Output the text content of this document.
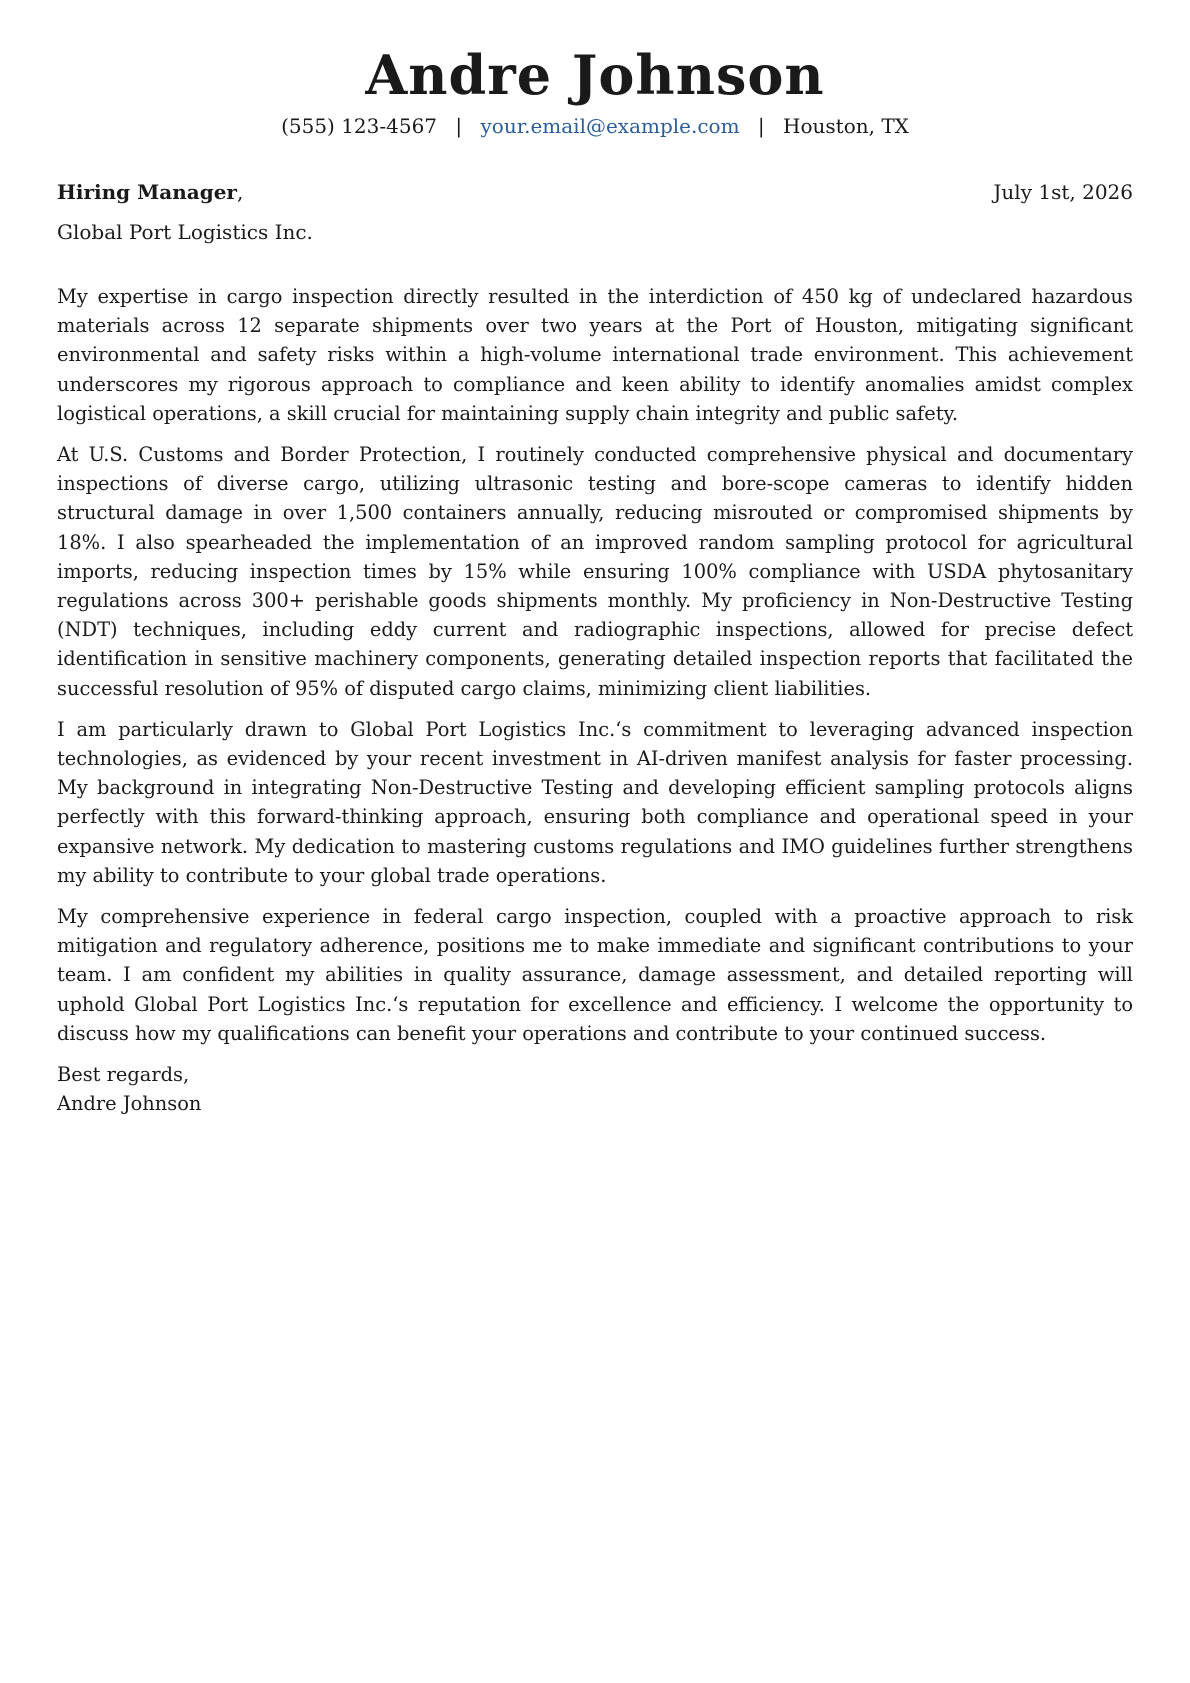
Andre Johnson
(555) 123-4567 | your.email@example.com | Houston, TX
Hiring Manager,	July 1st, 2026
Global Port Logistics Inc.

My expertise in cargo inspection directly resulted in the interdiction of 450 kg of undeclared hazardous materials across 12 separate shipments over two years at the Port of Houston, mitigating significant environmental and safety risks within a high-volume international trade environment. This achievement underscores my rigorous approach to compliance and keen ability to identify anomalies amidst complex logistical operations, a skill crucial for maintaining supply chain integrity and public safety.

At U.S. Customs and Border Protection, I routinely conducted comprehensive physical and documentary inspections of diverse cargo, utilizing ultrasonic testing and bore-scope cameras to identify hidden structural damage in over 1,500 containers annually, reducing misrouted or compromised shipments by 18%. I also spearheaded the implementation of an improved random sampling protocol for agricultural imports, reducing inspection times by 15% while ensuring 100% compliance with USDA phytosanitary regulations across 300+ perishable goods shipments monthly. My proficiency in Non-Destructive Testing (NDT) techniques, including eddy current and radiographic inspections, allowed for precise defect identification in sensitive machinery components, generating detailed inspection reports that facilitated the successful resolution of 95% of disputed cargo claims, minimizing client liabilities.

I am particularly drawn to Global Port Logistics Inc.‘s commitment to leveraging advanced inspection technologies, as evidenced by your recent investment in AI-driven manifest analysis for faster processing. My background in integrating Non-Destructive Testing and developing efficient sampling protocols aligns perfectly with this forward-thinking approach, ensuring both compliance and operational speed in your expansive network. My dedication to mastering customs regulations and IMO guidelines further strengthens my ability to contribute to your global trade operations.

My comprehensive experience in federal cargo inspection, coupled with a proactive approach to risk mitigation and regulatory adherence, positions me to make immediate and significant contributions to your team. I am confident my abilities in quality assurance, damage assessment, and detailed reporting will uphold Global Port Logistics Inc.‘s reputation for excellence and efficiency. I welcome the opportunity to discuss how my qualifications can benefit your operations and contribute to your continued success.

Best regards,
Andre Johnson
